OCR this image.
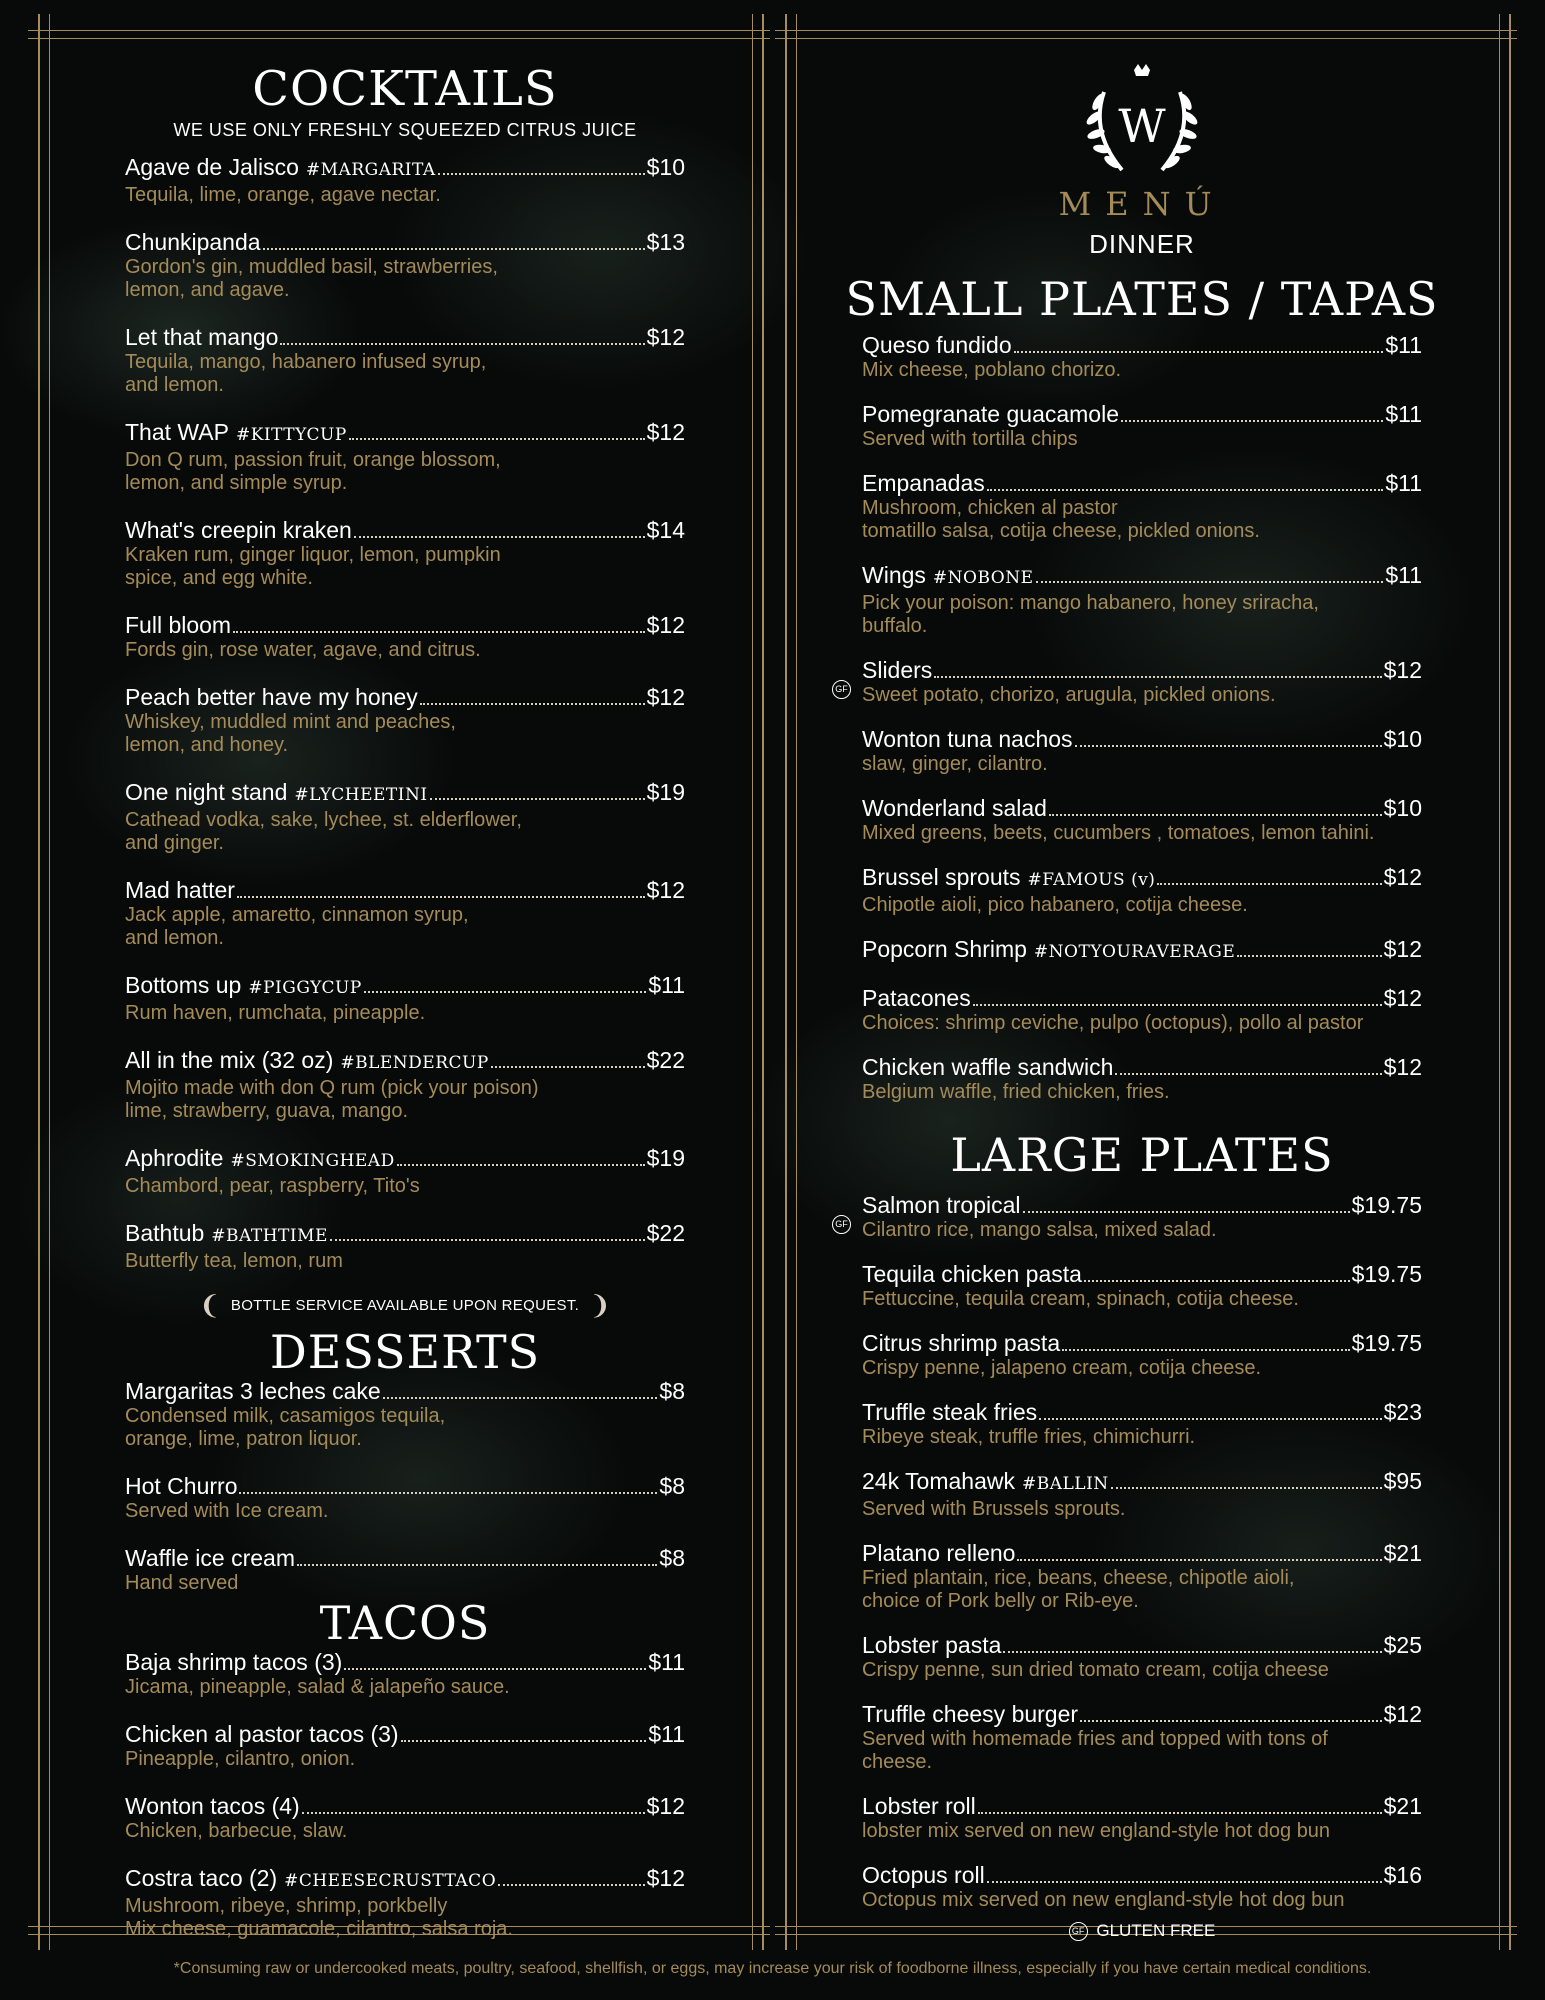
COCKTAILS
WE USE ONLY FRESHLY SQUEEZED CITRUS JUICE
Agave de Jalisco #MARGARITA	$10
Tequila, lime, orange, agave nectar.
Chunkipanda	$13
Gordon's gin, muddled basil, strawberries,
lemon, and agave.
Let that mango	$12
Tequila, mango, habanero infused syrup,
and lemon.
That WAP #KITTYCUP	$12
Don Q rum, passion fruit, orange blossom,
lemon, and simple syrup.
What's creepin kraken	$14
Kraken rum, ginger liquor, lemon, pumpkin
spice, and egg white.
Full bloom	$12
Fords gin, rose water, agave, and citrus.
Peach better have my honey	$12
Whiskey, muddled mint and peaches,
lemon, and honey.
One night stand #LYCHEETINI	$19
Cathead vodka, sake, lychee, st. elderflower,
and ginger.
Mad hatter	$12
Jack apple, amaretto, cinnamon syrup,
and lemon.
Bottoms up #PIGGYCUP	$11
Rum haven, rumchata, pineapple.
All in the mix (32 oz) #BLENDERCUP	$22
Mojito made with don Q rum (pick your poison)
lime, strawberry, guava, mango.
Aphrodite #SMOKINGHEAD	$19
Chambord, pear, raspberry, Tito's
Bathtub #BATHTIME	$22
Butterfly tea, lemon, rum
❨ BOTTLE SERVICE AVAILABLE UPON REQUEST. ❩
DESSERTS
Margaritas 3 leches cake	$8
Condensed milk, casamigos tequila,
orange, lime, patron liquor.
Hot Churro	$8
Served with Ice cream.
Waffle ice cream	$8
Hand served
TACOS
Baja shrimp tacos (3)	$11
Jicama, pineapple, salad & jalapeño sauce.
Chicken al pastor tacos (3)	$11
Pineapple, cilantro, onion.
Wonton tacos (4)	$12
Chicken, barbecue, slaw.
Costra taco (2) #CHEESECRUSTTACO	$12
Mushroom, ribeye, shrimp, porkbelly
Mix cheese, guamacole, cilantro, salsa roja.
W
MENÚ
DINNER
SMALL PLATES / TAPAS
Queso fundido	$11
Mix cheese, poblano chorizo.
Pomegranate guacamole	$11
Served with tortilla chips
Empanadas	$11
Mushroom, chicken al pastor
tomatillo salsa, cotija cheese, pickled onions.
Wings #NOBONE	$11
Pick your poison: mango habanero, honey sriracha,
buffalo.
GF
Sliders	$12
Sweet potato, chorizo, arugula, pickled onions.
Wonton tuna nachos	$10
slaw, ginger, cilantro.
Wonderland salad	$10
Mixed greens, beets, cucumbers , tomatoes, lemon tahini.
Brussel sprouts #FAMOUS (v)	$12
Chipotle aioli, pico habanero, cotija cheese.
Popcorn Shrimp #NOTYOURAVERAGE	$12
Patacones	$12
Choices: shrimp ceviche, pulpo (octopus), pollo al pastor
Chicken waffle sandwich	$12
Belgium waffle, fried chicken, fries.
LARGE PLATES
GF
Salmon tropical	$19.75
Cilantro rice, mango salsa, mixed salad.
Tequila chicken pasta	$19.75
Fettuccine, tequila cream, spinach, cotija cheese.
Citrus shrimp pasta	$19.75
Crispy penne, jalapeno cream, cotija cheese.
Truffle steak fries	$23
Ribeye steak, truffle fries, chimichurri.
24k Tomahawk #BALLIN	$95
Served with Brussels sprouts.
Platano relleno	$21
Fried plantain, rice, beans, cheese, chipotle aioli,
choice of Pork belly or Rib-eye.
Lobster pasta	$25
Crispy penne, sun dried tomato cream, cotija cheese
Truffle cheesy burger	$12
Served with homemade fries and topped with tons of
cheese.
Lobster roll	$21
lobster mix served on new england-style hot dog bun
Octopus roll	$16
Octopus mix served on new england-style hot dog bun
GF GLUTEN FREE
*Consuming raw or undercooked meats, poultry, seafood, shellfish, or eggs, may increase your risk of foodborne illness, especially if you have certain medical conditions.
